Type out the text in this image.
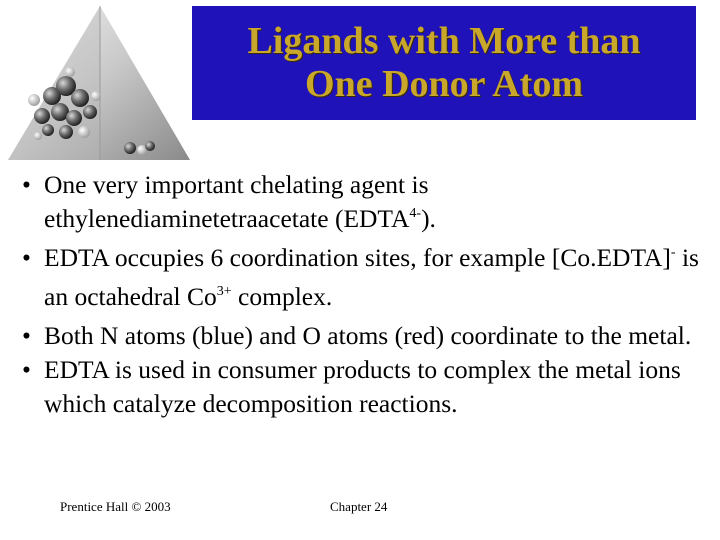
Ligands with More than
One Donor Atom

• One very important chelating agent is ethylenediaminetetraacetate $(EDTA^{4-})$.

• EDTA occupies 6 coordination sites, for example [Co.EDTA]- is an octahedral $Co^{3+}$ complex.

• Both N atoms (blue) and O atoms (red) coordinate to the metal.

• EDTA is used in consumer products to complex the metal ions which catalyze decomposition reactions.

Prentice Hall © 2003	Chapter 24
